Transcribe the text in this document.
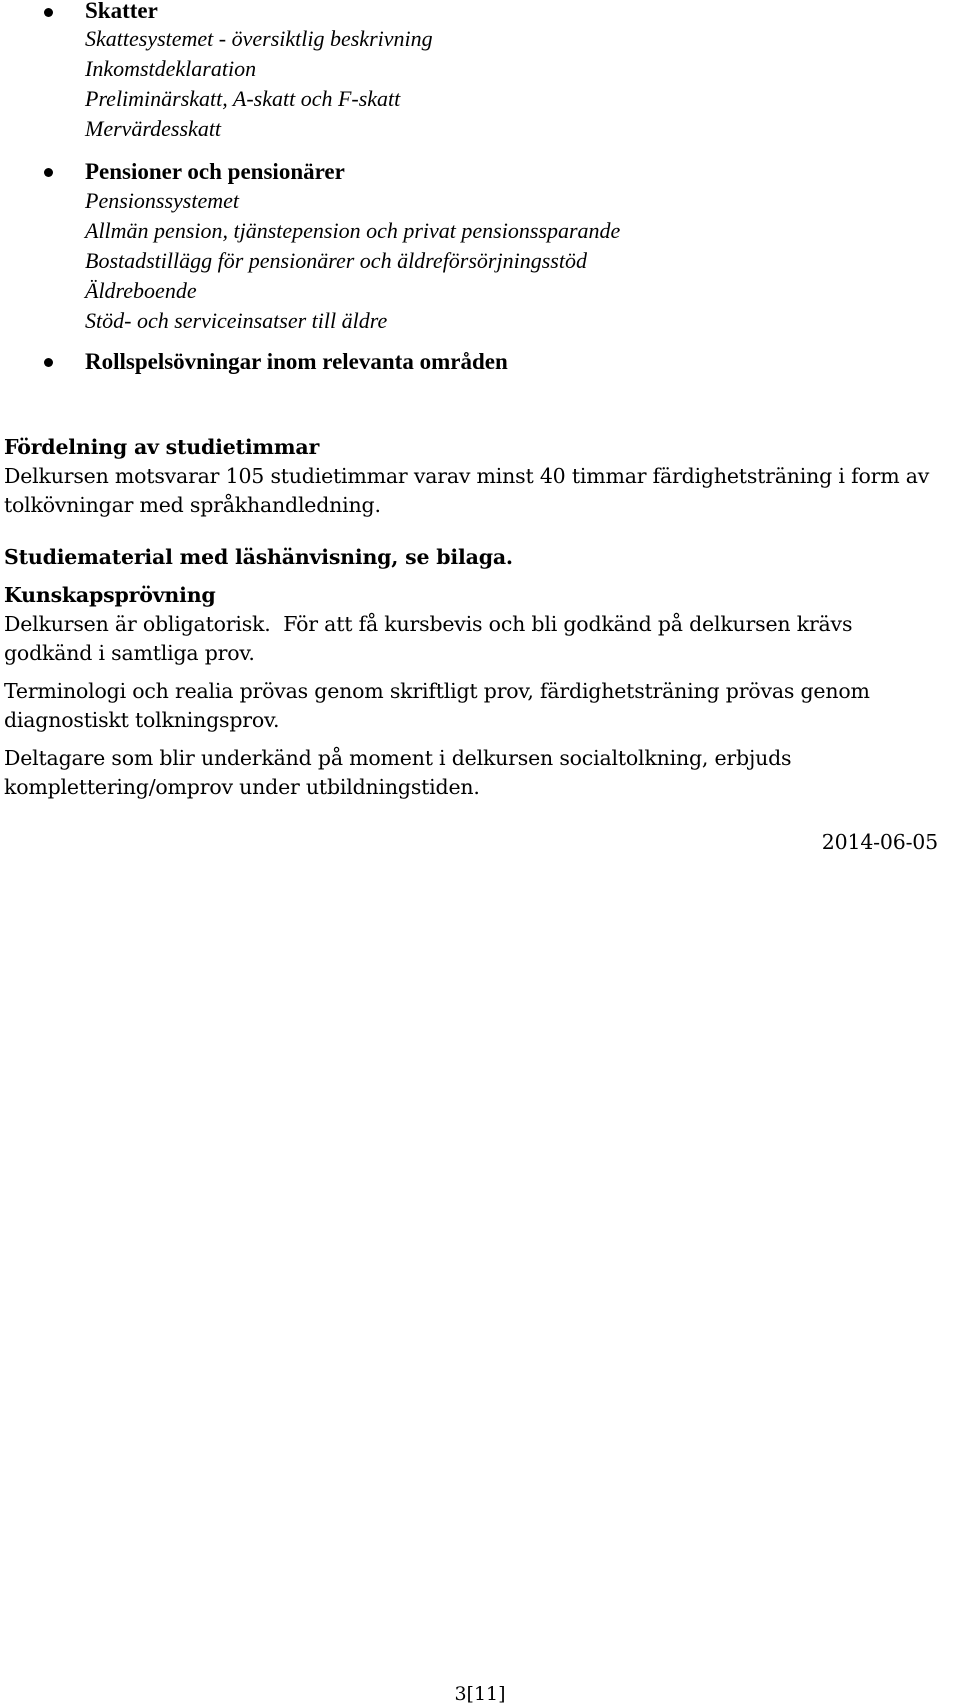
Skatter
Skattesystemet - översiktlig beskrivning
Inkomstdeklaration
Preliminärskatt, A-skatt och F-skatt
Mervärdesskatt
Pensioner och pensionärer
Pensionssystemet
Allmän pension, tjänstepension och privat pensionssparande
Bostadstillägg för pensionärer och äldreförsörjningsstöd
Äldreboende
Stöd- och serviceinsatser till äldre
Rollspelsövningar inom relevanta områden
Fördelning av studietimmar
Delkursen motsvarar 105 studietimmar varav minst 40 timmar färdighetsträning i form av tolkövningar med språkhandledning.
Studiematerial med läshänvisning, se bilaga.
Kunskapsprövning
Delkursen är obligatorisk.  För att få kursbevis och bli godkänd på delkursen krävs godkänd i samtliga prov.
Terminologi och realia prövas genom skriftligt prov, färdighetsträning prövas genom diagnostiskt tolkningsprov.
Deltagare som blir underkänd på moment i delkursen socialtolkning, erbjuds komplettering/omprov under utbildningstiden.
2014-06-05
3[11]
